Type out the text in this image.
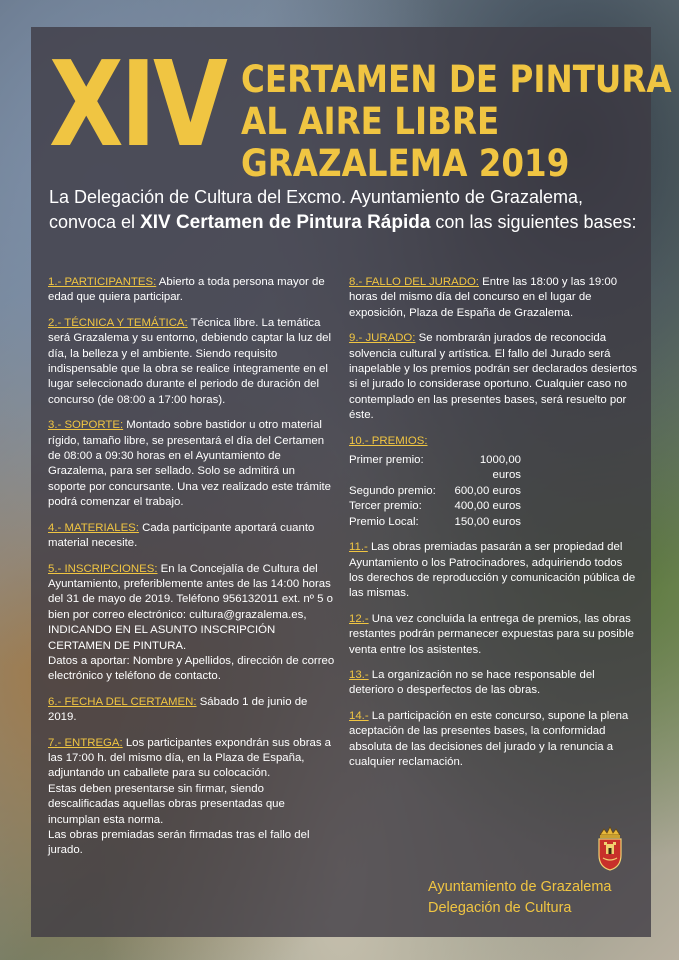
XIV CERTAMEN DE PINTURA
AL AIRE LIBRE
GRAZALEMA 2019

La Delegación de Cultura del Excmo. Ayuntamiento de Grazalema, convoca el XIV Certamen de Pintura Rápida con las siguientes bases:

1.- PARTICIPANTES: Abierto a toda persona mayor de edad que quiera participar.

2.- TÉCNICA Y TEMÁTICA: Técnica libre. La temática será Grazalema y su entorno, debiendo captar la luz del día, la belleza y el ambiente. Siendo requisito indispensable que la obra se realice íntegramente en el lugar seleccionado durante el periodo de duración del concurso (de 08:00 a 17:00 horas).

3.- SOPORTE: Montado sobre bastidor u otro material rígido, tamaño libre, se presentará el día del Certamen de 08:00 a 09:30 horas en el Ayuntamiento de Grazalema, para ser sellado. Solo se admitirá un soporte por concursante. Una vez realizado este trámite podrá comenzar el trabajo.

4.- MATERIALES: Cada participante aportará cuanto material necesite.

5.- INSCRIPCIONES: En la Concejalía de Cultura del Ayuntamiento, preferiblemente antes de las 14:00 horas del 31 de mayo de 2019. Teléfono 956132011 ext. nº 5 o bien por correo electrónico: cultura@grazalema.es, INDICANDO EN EL ASUNTO INSCRIPCIÓN CERTAMEN DE PINTURA.

Datos a aportar: Nombre y Apellidos, dirección de correo electrónico y teléfono de contacto.

6.- FECHA DEL CERTAMEN: Sábado 1 de junio de 2019.

7.- ENTREGA: Los participantes expondrán sus obras a las 17:00 h. del mismo día, en la Plaza de España, adjuntando un caballete para su colocación.

Estas deben presentarse sin firmar, siendo descalificadas aquellas obras presentadas que incumplan esta norma.

Las obras premiadas serán firmadas tras el fallo del jurado.

8.- FALLO DEL JURADO: Entre las 18:00 y las 19:00 horas del mismo día del concurso en el lugar de exposición, Plaza de España de Grazalema.

9.- JURADO: Se nombrarán jurados de reconocida solvencia cultural y artística. El fallo del Jurado será inapelable y los premios podrán ser declarados desiertos si el jurado lo considerase oportuno. Cualquier caso no contemplado en las presentes bases, será resuelto por éste.

10.- PREMIOS:

Primer premio:	1000,00 euros
Segundo premio:	600,00 euros
Tercer premio:	400,00 euros
Premio Local:	150,00 euros

11.- Las obras premiadas pasarán a ser propiedad del Ayuntamiento o los Patrocinadores, adquiriendo todos los derechos de reproducción y comunicación pública de las mismas.

12.- Una vez concluida la entrega de premios, las obras restantes podrán permanecer expuestas para su posible venta entre los asistentes.

13.- La organización no se hace responsable del deterioro o desperfectos de las obras.

14.- La participación en este concurso, supone la plena aceptación de las presentes bases, la conformidad absoluta de las decisiones del jurado y la renuncia a cualquier reclamación.

Ayuntamiento de Grazalema

Delegación de Cultura
